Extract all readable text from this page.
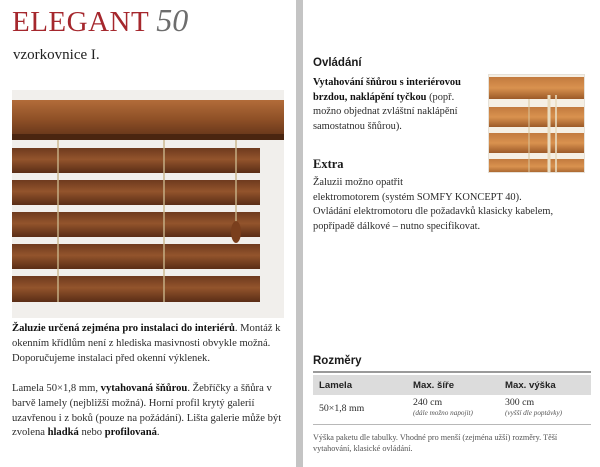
ELEGANT 50
vzorkovnice I.

Žaluzie určená zejména pro instalaci do interiérů. Montáž k okenním křídlům není z hlediska masivnosti obvykle možná. Doporučujeme instalaci před okenní výklenek.

Lamela 50×1,8 mm, vytahovaná šňůrou. Žebříčky a šňůra v barvě lamely (nejbližší možná). Horní profil krytý galerií uzavřenou i z boků (pouze na požádání). Lišta galerie může být zvolena hladká nebo profilovaná.

Ovládání

Vytahování šňůrou s interiérovou brzdou, naklápění tyčkou (popř. možno objednat zvláštní naklápění samostatnou šňůrou).

Extra
Žaluzii možno opatřit
elektromotorem (systém SOMFY KONCEPT 40).
Ovládání elektromotoru dle požadavků klasicky kabelem,
popřípadě dálkové – nutno specifikovat.
Rozměry
Lamela	Max. šíře	Max. výška
50×1,8 mm
240 cm
(dále možno napojit)
300 cm
(vyšší dle poptávky)

Výška paketu dle tabulky. Vhodné pro menší (zejména užší) rozměry. Těší vytahování, klasické ovládání.
